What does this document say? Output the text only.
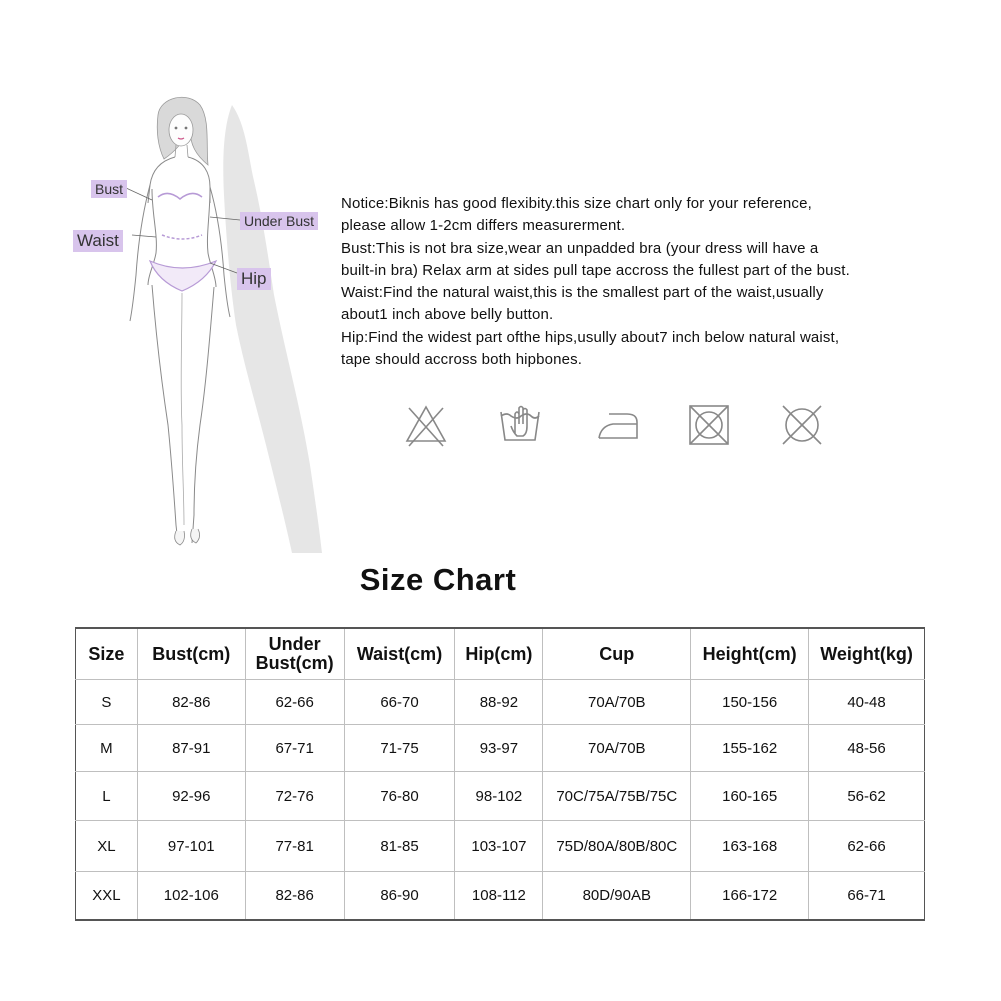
Bust
Under Bust
Waist
Hip
Notice:Biknis has good flexibity.this size chart only for your reference,
please allow 1-2cm differs measurerment.
Bust:This is not bra size,wear an unpadded bra (your dress will have a
built-in bra) Relax arm at sides pull tape accross the fullest part of the bust.
Waist:Find the natural waist,this is the smallest part of the waist,usually
about1 inch above belly button.
Hip:Find the widest part ofthe hips,usully about7 inch below natural waist,
tape should accross both hipbones.
Size Chart
Size	Bust(cm)	Under Bust(cm)	Waist(cm)	Hip(cm)	Cup	Height(cm)	Weight(kg)
S	82-86	62-66	66-70	88-92	70A/70B	150-156	40-48
M	87-91	67-71	71-75	93-97	70A/70B	155-162	48-56
L	92-96	72-76	76-80	98-102	70C/75A/75B/75C	160-165	56-62
XL	97-101	77-81	81-85	103-107	75D/80A/80B/80C	163-168	62-66
XXL	102-106	82-86	86-90	108-112	80D/90AB	166-172	66-71
